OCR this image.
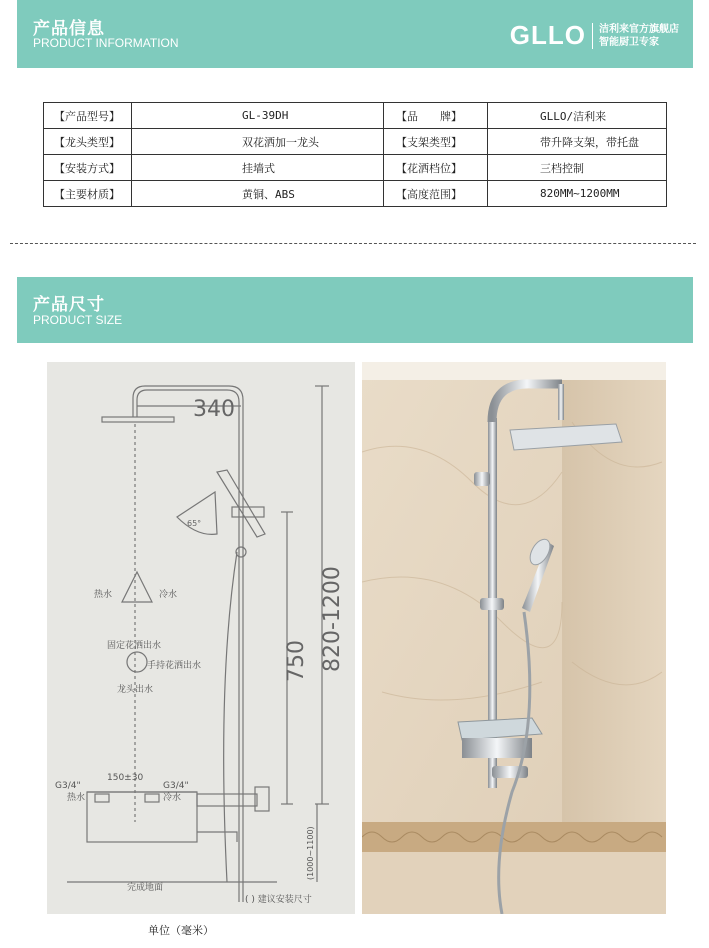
产品信息
PRODUCT INFORMATION	GLLO 洁利来官方旗舰店
智能厨卫专家
【产品型号】	GL-39DH	【品　　牌】	GLLO/洁利来
【龙头类型】	双花洒加一龙头	【支架类型】	带升降支架，带托盘
【安装方式】	挂墙式	【花洒档位】	三档控制
【主要材质】	黄铜、ABS	【高度范围】	820MM~1200MM
产品尺寸
PRODUCT SIZE
340
820-1200
750
65°
热水	冷水
固定花洒出水
手持花洒出水
龙头出水
G3/4"	G3/4"
150±30
热水	冷水
完成地面
(1000~1100)
( ) 建议安装尺寸
单位（毫米）
